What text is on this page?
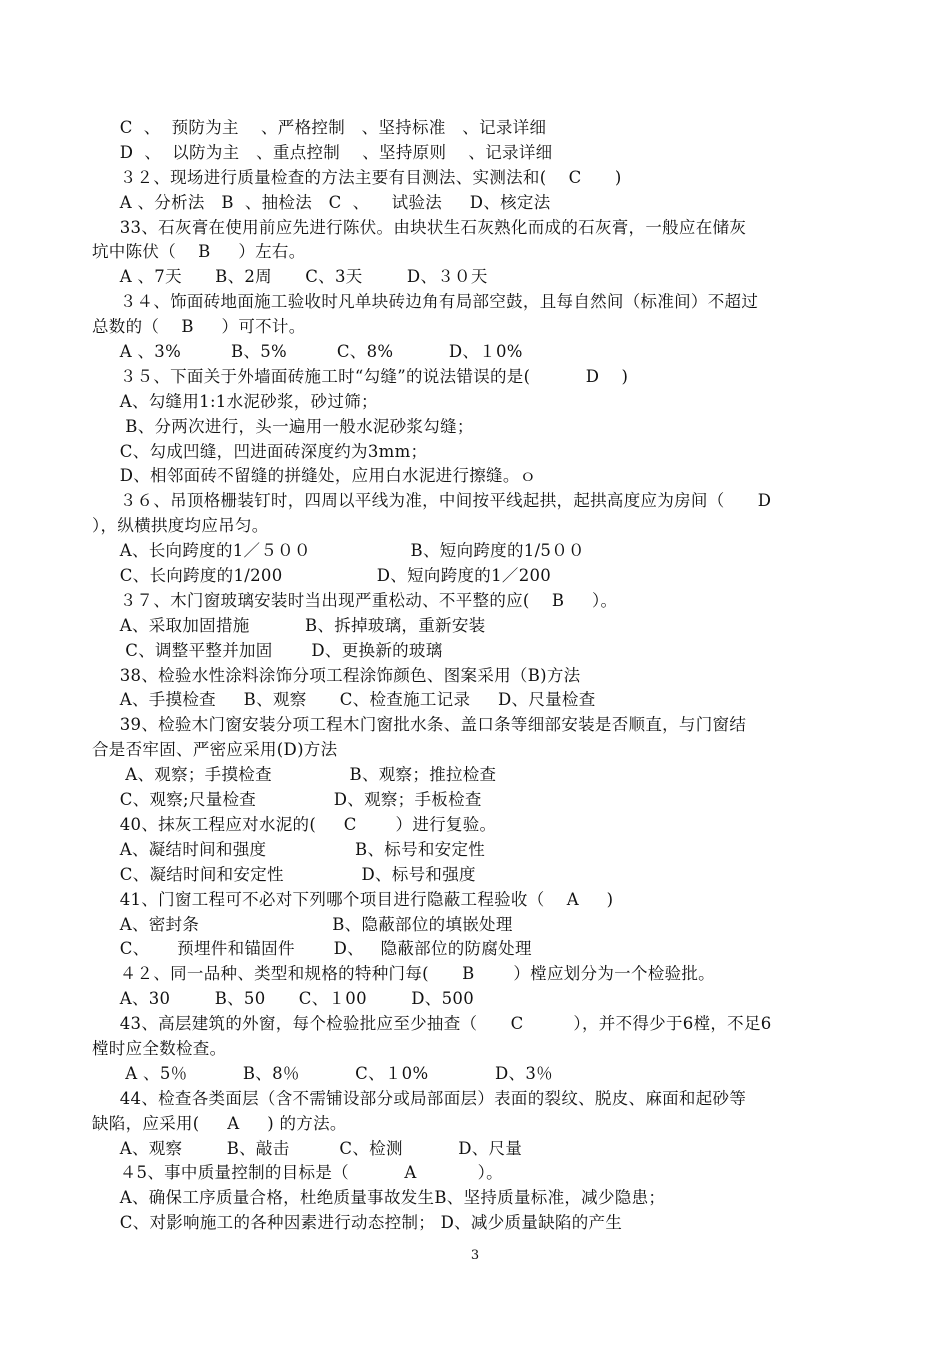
C  、  预防为主    、严格控制   、坚持标准   、记录详细
D  、  以防为主   、重点控制    、坚持原则    、记录详细
３２、现场进行质量检查的方法主要有目测法、实测法和(    C      )
A 、分析法   B  、抽检法   C  、    试验法     D、核定法
33、石灰膏在使用前应先进行陈伏。由块状生石灰熟化而成的石灰膏，一般应在储灰
坑中陈伏（    B     ）左右。
A 、7天      B、2周      C、3天        D、３０天
３４、饰面砖地面施工验收时凡单块砖边角有局部空鼓，且每自然间（标准间）不超过
总数的（    B     ）可不计。
A 、3%         B、5%         C、8%          D、１0%
３５、下面关于外墙面砖施工时“勾缝”的说法错误的是(          D    )
A、勾缝用1:1水泥砂浆，砂过筛；
B、分两次进行，头一遍用一般水泥砂浆勾缝；
C、勾成凹缝，凹进面砖深度约为3mm；
D、相邻面砖不留缝的拼缝处，应用白水泥进行擦缝。ｏ
３６、吊顶格栅装钉时，四周以平线为准，中间按平线起拱，起拱高度应为房间（      D
），纵横拱度均应吊匀。
A、长向跨度的1／５００                  B、短向跨度的1/5００
C、长向跨度的1/200                 D、短向跨度的1／200
３７、木门窗玻璃安装时当出现严重松动、不平整的应(    B     ）。
A、采取加固措施          B、拆掉玻璃，重新安装
C、调整平整并加固       D、更换新的玻璃
38、检验水性涂料涂饰分项工程涂饰颜色、图案采用（B)方法
A、手摸检查     B、观察      C、检查施工记录     D、尺量检查
39、检验木门窗安装分项工程木门窗批水条、盖口条等细部安装是否顺直，与门窗结
合是否牢固、严密应采用(D)方法
A、观察；手摸检查              B、观察；推拉检查
C、观察;尺量检查              D、观察；手板检查
40、抹灰工程应对水泥的(     C       ）进行复验。
A、凝结时间和强度                B、标号和安定性
C、凝结时间和安定性              D、标号和强度
41、门窗工程可不必对下列哪个项目进行隐蔽工程验收（    A     )
A、密封条                        B、隐蔽部位的填嵌处理
C、     预埋件和锚固件       D、   隐蔽部位的防腐处理
４２、同一品种、类型和规格的特种门每(      B       ）樘应划分为一个检验批。
A、30        B、50      C、１00        D、500
43、高层建筑的外窗，每个检验批应至少抽查（      C         ），并不得少于6樘，不足6
樘时应全数检查。
A 、5％          B、8％          C、１0%            D、3％
44、检查各类面层（含不需铺设部分或局部面层）表面的裂纹、脱皮、麻面和起砂等
缺陷，应采用(     A     ) 的方法。
A、观察        B、敲击         C、检测          D、尺量
４5、事中质量控制的目标是（          A           ）。
A、确保工序质量合格，杜绝质量事故发生B、坚持质量标准，减少隐患；
C、对影响施工的各种因素进行动态控制； D、减少质量缺陷的产生
3
